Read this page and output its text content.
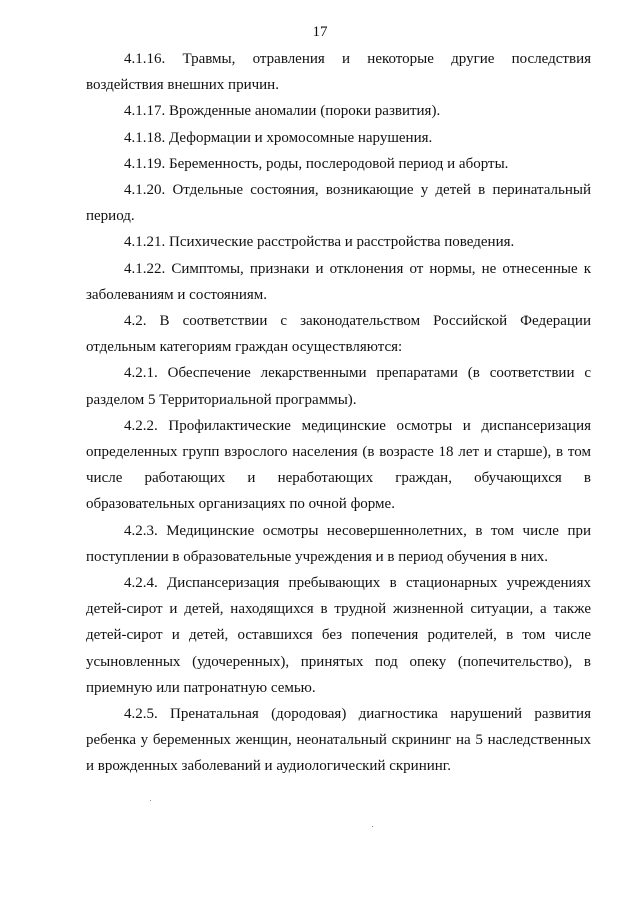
17

4.1.16. Травмы, отравления и некоторые другие последствия воздействия внешних причин.

4.1.17. Врожденные аномалии (пороки развития).

4.1.18. Деформации и хромосомные нарушения.

4.1.19. Беременность, роды, послеродовой период и аборты.

4.1.20. Отдельные состояния, возникающие у детей в перинатальный период.

4.1.21. Психические расстройства и расстройства поведения.

4.1.22. Симптомы, признаки и отклонения от нормы, не отнесенные к заболеваниям и состояниям.

4.2. В соответствии с законодательством Российской Федерации отдельным категориям граждан осуществляются:

4.2.1. Обеспечение лекарственными препаратами (в соответствии с разделом 5 Территориальной программы).

4.2.2. Профилактические медицинские осмотры и диспансеризация определенных групп взрослого населения (в возрасте 18 лет и старше), в том числе работающих и неработающих граждан, обучающихся в образовательных организациях по очной форме.

4.2.3. Медицинские осмотры несовершеннолетних, в том числе при поступлении в образовательные учреждения и в период обучения в них.

4.2.4. Диспансеризация пребывающих в стационарных учреждениях детей-сирот и детей, находящихся в трудной жизненной ситуации, а также детей-сирот и детей, оставшихся без попечения родителей, в том числе усыновленных (удочеренных), принятых под опеку (попечительство), в приемную или патронатную семью.

4.2.5. Пренатальная (дородовая) диагностика нарушений развития ребенка у беременных женщин, неонатальный скрининг на 5 наследственных и врожденных заболеваний и аудиологический скрининг.
